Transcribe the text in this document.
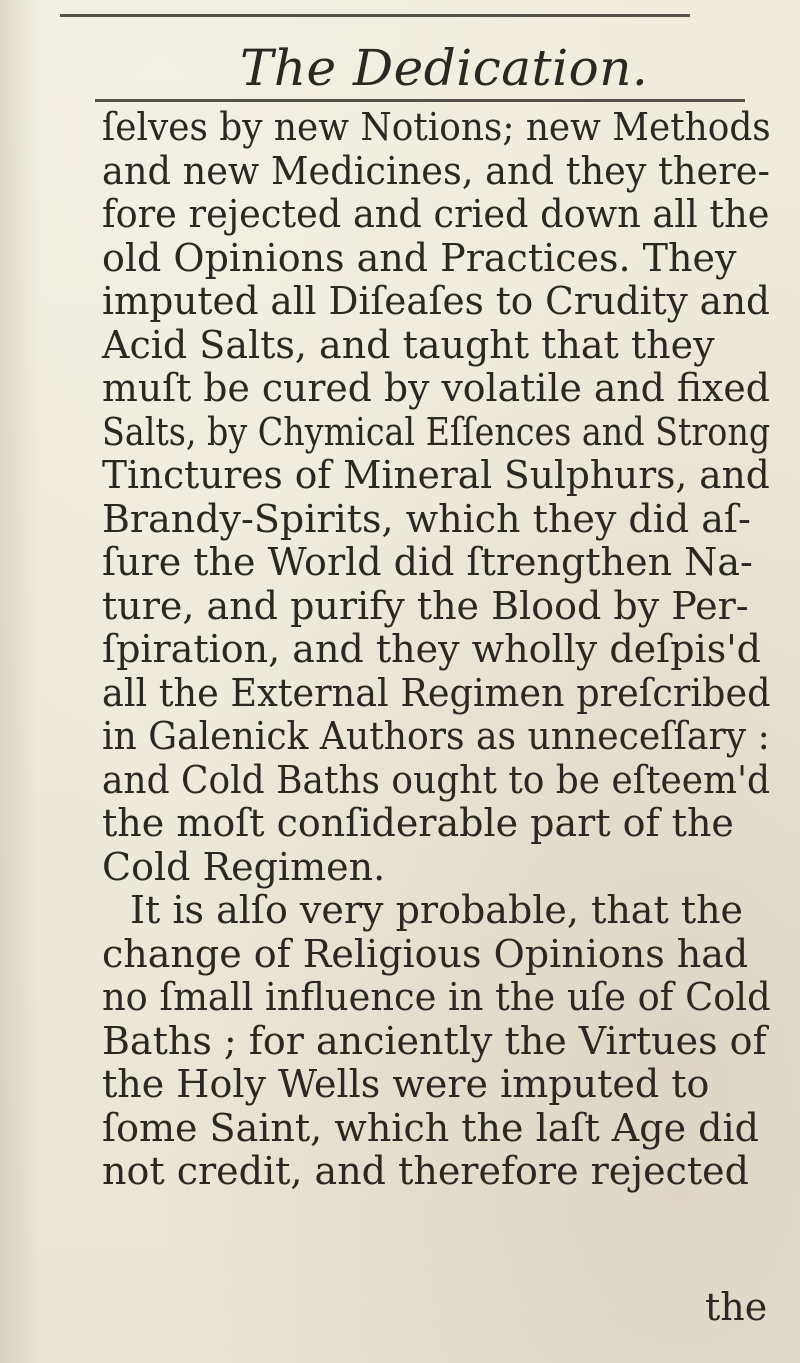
The Dedication.

ſelves by new Notions; new Methods
and new Medicines, and they there-
fore rejected and cried down all the
old Opinions and Practices. They
imputed all Diſeaſes to Crudity and
Acid Salts, and taught that they
muſt be cured by volatile and fixed
Salts, by Chymical Eſſences and Strong
Tinctures of Mineral Sulphurs, and
Brandy-Spirits, which they did aſ-
ſure the World did ſtrengthen Na-
ture, and purify the Blood by Per-
ſpiration, and they wholly deſpis'd
all the External Regimen preſcribed
in Galenick Authors as unneceſſary :
and Cold Baths ought to be eſteem'd
the moſt conſiderable part of the
Cold Regimen.
It is alſo very probable, that the
change of Religious Opinions had
no ſmall influence in the uſe of Cold
Baths ; for anciently the Virtues of
the Holy Wells were imputed to
ſome Saint, which the laſt Age did
not credit, and therefore rejected

the
